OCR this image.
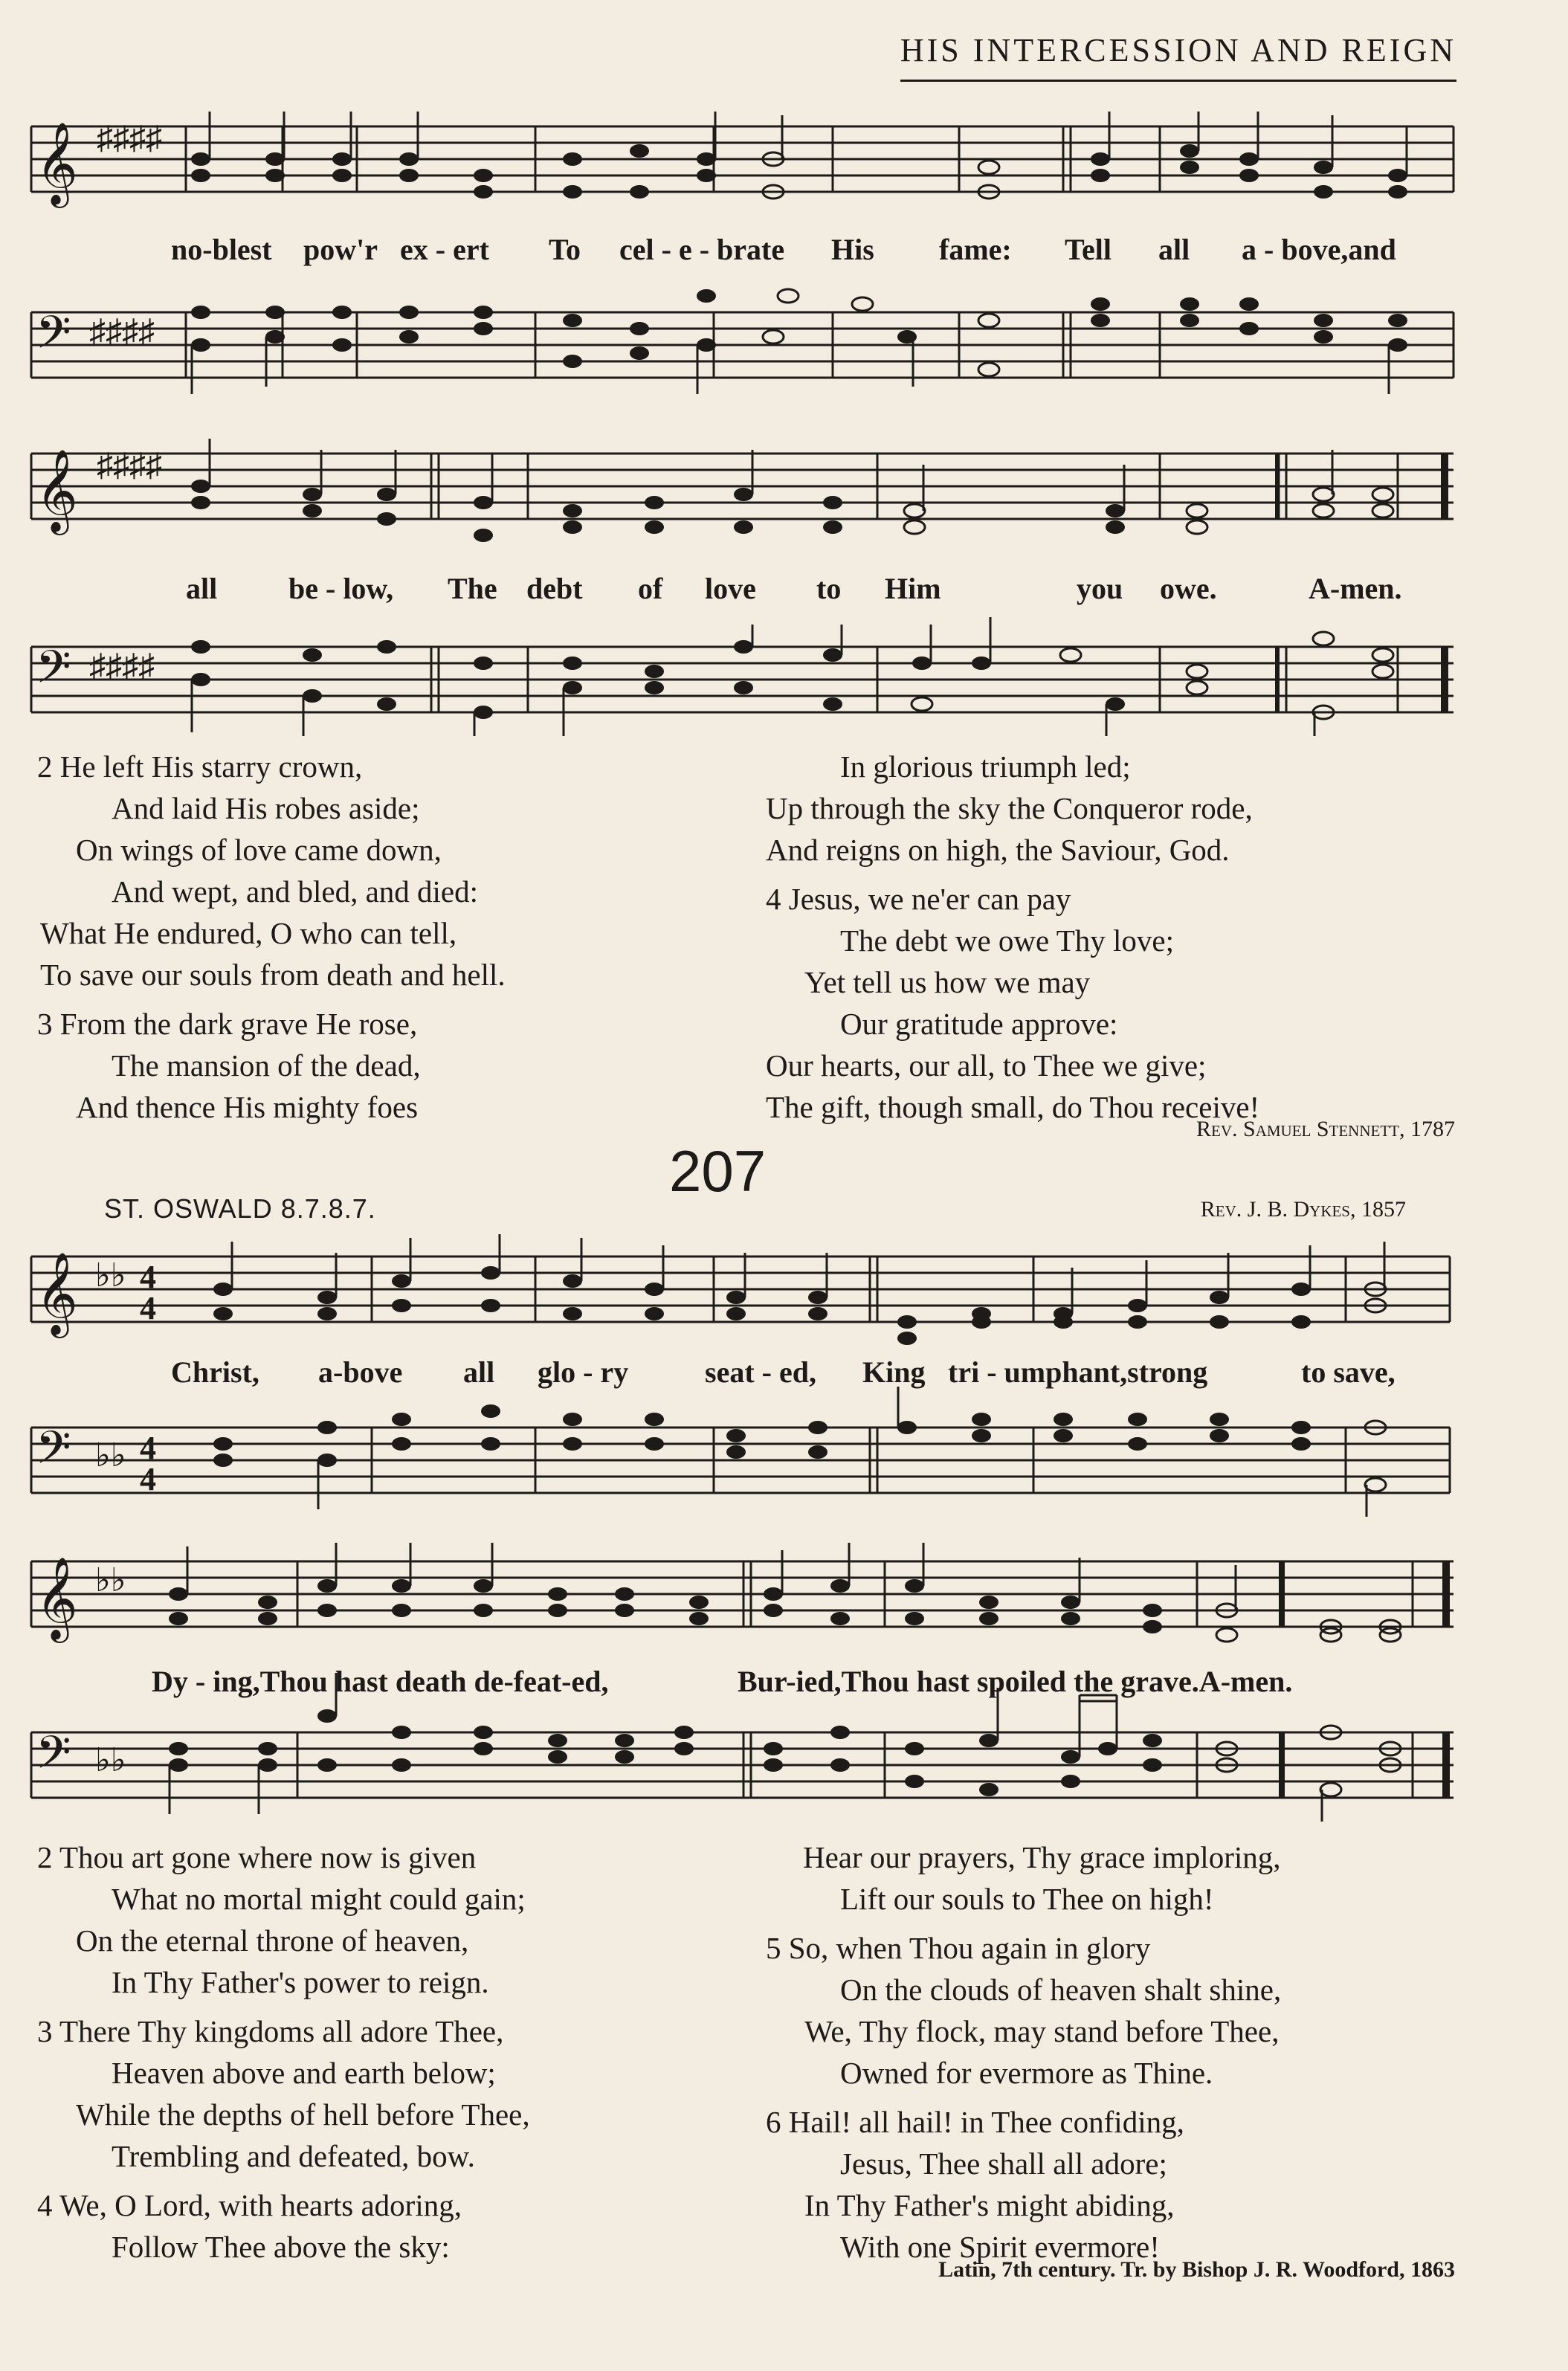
HIS INTERCESSION AND REIGN
𝄞 ♯♯♯♯
no-blest pow'r ex - ert To cel - e - brate His fame: Tell all a - bove,and
𝄢 ♯♯♯♯
𝄞 ♯♯♯♯
all be - low, The debt of love to Him	you owe.	A-men.
𝄢 ♯♯♯♯
2 He left His starry crown,
And laid His robes aside;
On wings of love came down,
And wept, and bled, and died:
What He endured, O who can tell,
To save our souls from death and hell.
3 From the dark grave He rose,
The mansion of the dead,
And thence His mighty foes
In glorious triumph led;
Up through the sky the Conqueror rode,
And reigns on high, the Saviour, God.
4 Jesus, we ne'er can pay
The debt we owe Thy love;
Yet tell us how we may
Our gratitude approve:
Our hearts, our all, to Thee we give;
The gift, though small, do Thou receive!
Rev. Samuel Stennett, 1787
207
ST. OSWALD 8.7.8.7.	Rev. J. B. Dykes, 1857
𝄞 ♭♭ 4
4
Christ, a-bove all glo - ry	seat - ed, King tri - umphant,strong	to save,
𝄢 ♭♭ 4
4
𝄞 ♭♭
Dy - ing,Thou hast death de-feat-ed,	Bur-ied,Thou hast spoiled the grave.A-men.
𝄢 ♭♭
2 Thou art gone where now is given
What no mortal might could gain;
On the eternal throne of heaven,
In Thy Father's power to reign.
3 There Thy kingdoms all adore Thee,
Heaven above and earth below;
While the depths of hell before Thee,
Trembling and defeated, bow.
4 We, O Lord, with hearts adoring,
Follow Thee above the sky:
Hear our prayers, Thy grace imploring,
Lift our souls to Thee on high!
5 So, when Thou again in glory
On the clouds of heaven shalt shine,
We, Thy flock, may stand before Thee,
Owned for evermore as Thine.
6 Hail! all hail! in Thee confiding,
Jesus, Thee shall all adore;
In Thy Father's might abiding,
With one Spirit evermore!
Latin, 7th century. Tr. by Bishop J. R. Woodford, 1863
